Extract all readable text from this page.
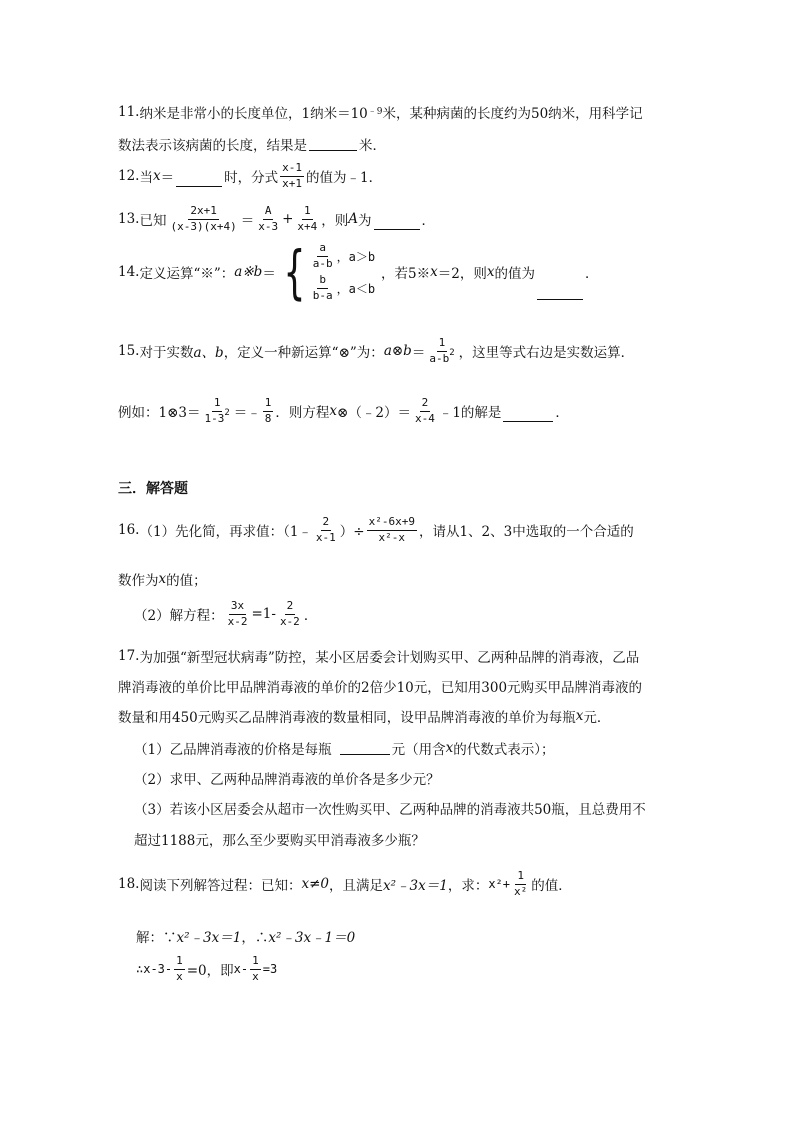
11. 纳米是非常小的长度单位，1纳米＝10 ﹣9 米，某种病菌的长度约为50纳米，用科学记
数法表示该病菌的长度，结果是	米．
12. 当 x ＝	时，分式 $\frac{x-1}{x+1}$ 的值为﹣1．
13. 已知 $\frac{2x+1}{(x-3)(x+4)} = \frac{A}{x-3} + \frac{1}{x+4}$ ，则 A 为	．
14. 定义运算“※”： a※b ＝ { $\frac{a}{a-b}$ ，a＞b
$\frac{b}{b-a}$ ，a＜b
，若5※ x ＝2，则 x 的值为	．
15. 对于实数 a、b ，定义一种新运算“⊗”为： a⊗b ＝ $\frac{1}{a-b^2}$ ，这里等式右边是实数运算．
例如：1⊗3＝ $\frac{1}{1-3^2}$ ＝﹣ $\frac{1}{8}$ ．则方程 x ⊗（﹣2）＝ $\frac{2}{x-4}$ ﹣1的解是	．
三．解答题
16. （1）先化简，再求值：（1﹣ $\frac{2}{x-1}$ ）÷ $\frac{\text{x²-6x+9}}{\text{x²-x}}$ ，请从1、2、3中选取的一个合适的
数作为 x 的值；
（2）解方程： $\frac{3x}{x-2} =1- \frac{2}{x-2}$ ．
17. 为加强“新型冠状病毒”防控，某小区居委会计划购买甲、乙两种品牌的消毒液，乙品
牌消毒液的单价比甲品牌消毒液的单价的2倍少10元，已知用300元购买甲品牌消毒液的
数量和用450元购买乙品牌消毒液的数量相同，设甲品牌消毒液的单价为每瓶 x 元．
（1）乙品牌消毒液的价格是每瓶	元（用含 x 的代数式表示）；
（2）求甲、乙两种品牌消毒液的单价各是多少元？
（3）若该小区居委会从超市一次性购买甲、乙两种品牌的消毒液共50瓶，且总费用不
超过1188元，那么至少要购买甲消毒液多少瓶？
18. 阅读下列解答过程：已知： x≠0 ，且满足 x²﹣3x＝1 ，求： $x^2+ \frac{1}{\text{x²}}$ 的值．
解：∵ x²﹣3x＝1 ，∴ x²﹣3x﹣1＝0
∴x-3- $\frac{1}{x} =0$，即 $x- \frac{1}{x} =3$
